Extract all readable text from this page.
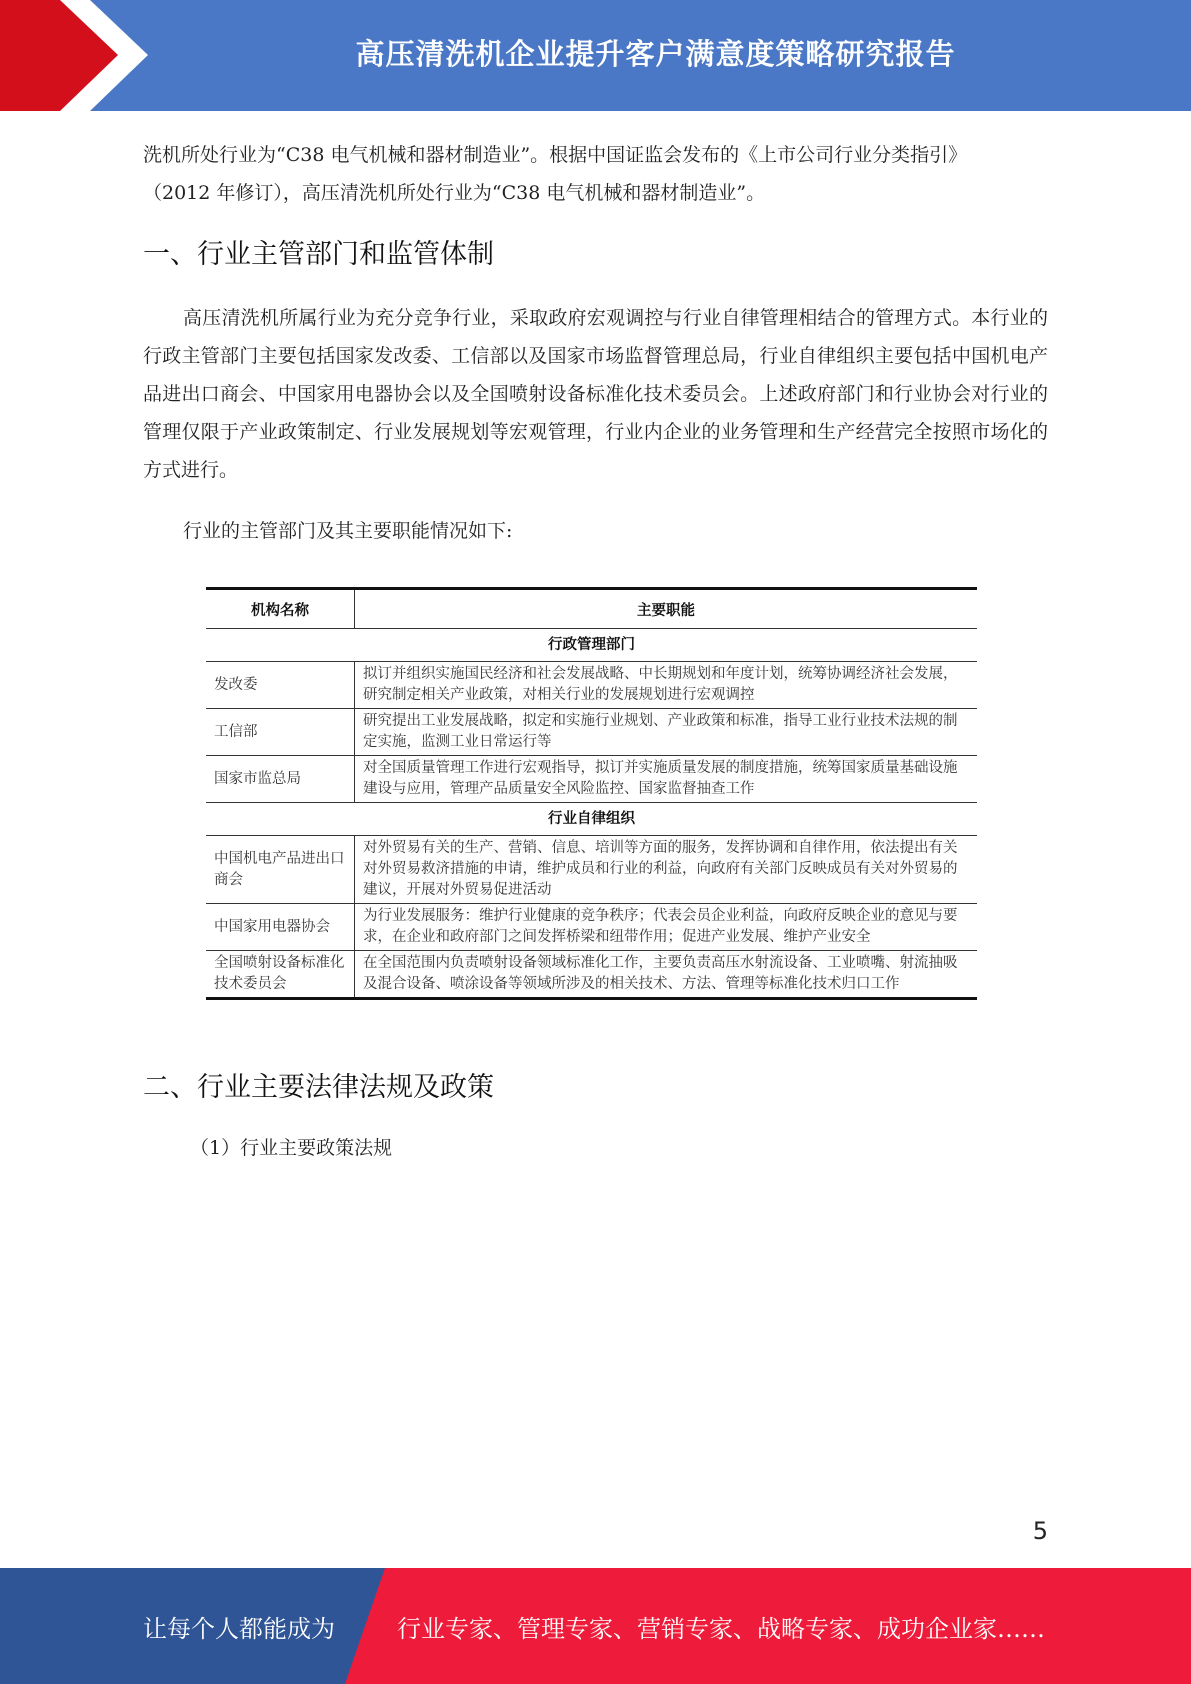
高压清洗机企业提升客户满意度策略研究报告
洗机所处行业为“C38 电气机械和器材制造业”。根据中国证监会发布的《上市公司行业分类指引》
（2012 年修订），高压清洗机所处行业为“C38 电气机械和器材制造业”。
一、行业主管部门和监管体制
高压清洗机所属行业为充分竞争行业，采取政府宏观调控与行业自律管理相结合的管理方式。本行业的行政主管部门主要包括国家发改委、工信部以及国家市场监督管理总局，行业自律组织主要包括中国机电产品进出口商会、中国家用电器协会以及全国喷射设备标准化技术委员会。上述政府部门和行业协会对行业的管理仅限于产业政策制定、行业发展规划等宏观管理，行业内企业的业务管理和生产经营完全按照市场化的方式进行。
行业的主管部门及其主要职能情况如下:
机构名称	主要职能
行政管理部门	
发改委	拟订并组织实施国民经济和社会发展战略、中长期规划和年度计划，统筹协调经济社会发展，研究制定相关产业政策，对相关行业的发展规划进行宏观调控
工信部	研究提出工业发展战略，拟定和实施行业规划、产业政策和标准，指导工业行业技术法规的制定实施，监测工业日常运行等
国家市监总局	对全国质量管理工作进行宏观指导，拟订并实施质量发展的制度措施，统筹国家质量基础设施建设与应用，管理产品质量安全风险监控、国家监督抽查工作
行业自律组织	
中国机电产品进出口商会	对外贸易有关的生产、营销、信息、培训等方面的服务，发挥协调和自律作用，依法提出有关对外贸易救济措施的申请，维护成员和行业的利益，向政府有关部门反映成员有关对外贸易的建议，开展对外贸易促进活动
中国家用电器协会	为行业发展服务：维护行业健康的竞争秩序；代表会员企业利益，向政府反映企业的意见与要求，在企业和政府部门之间发挥桥梁和纽带作用；促进产业发展、维护产业安全
全国喷射设备标准化技术委员会	在全国范围内负责喷射设备领域标准化工作，主要负责高压水射流设备、工业喷嘴、射流抽吸及混合设备、喷涂设备等领域所涉及的相关技术、方法、管理等标准化技术归口工作
二、行业主要法律法规及政策
（1）行业主要政策法规
5
让每个人都能成为	行业专家、管理专家、营销专家、战略专家、成功企业家……
